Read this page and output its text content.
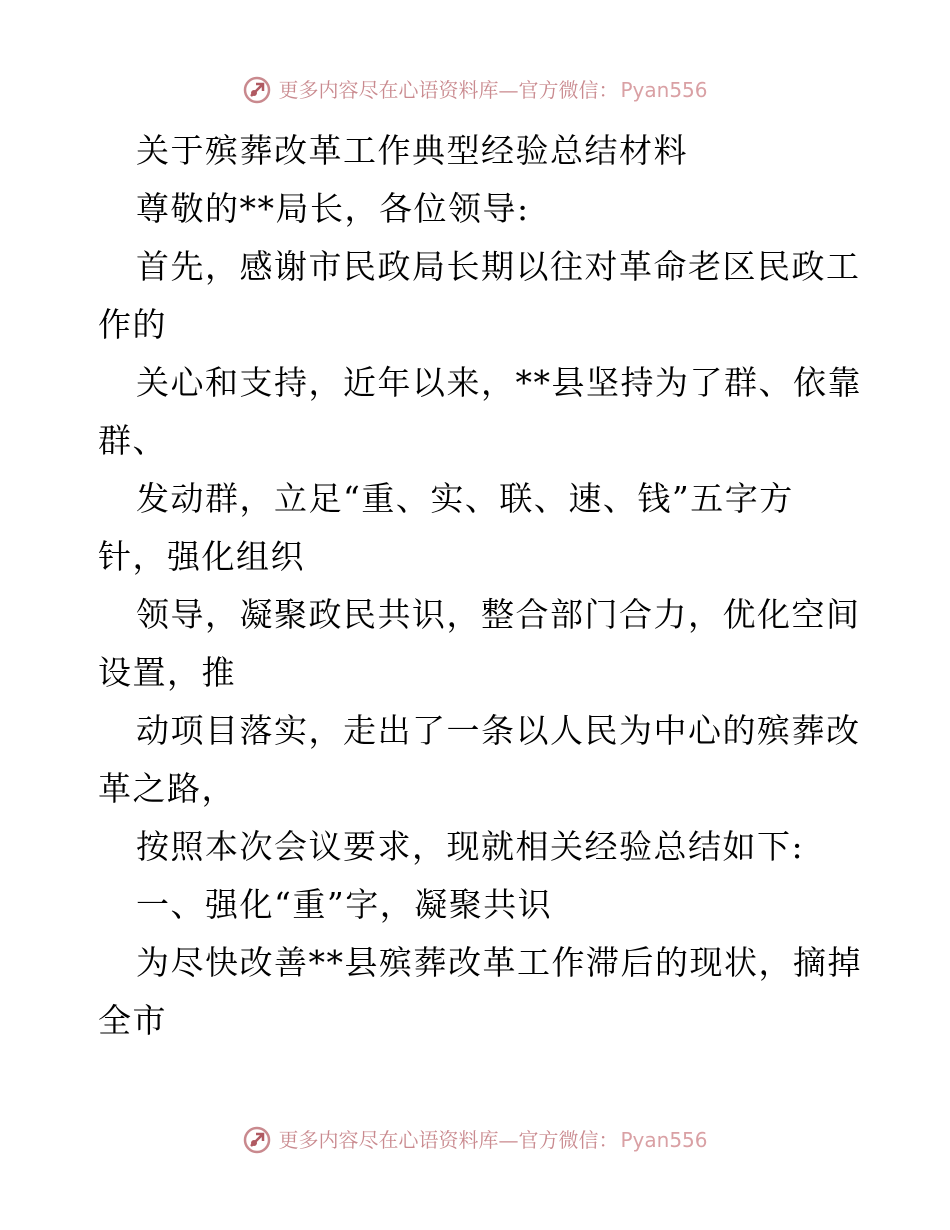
更多内容尽在心语资料库 —官方微信： Pyan556
关于殡葬改革工作典型经验总结材料
尊敬的**局长，各位领导:
首先，感谢市民政局长期以往对革命老区民政工
作的
关心和支持，近年以来，**县坚持为了群、依靠
群、
发动群，立足“重、实、联、速、钱”五字方
针，强化组织
领导，凝聚政民共识，整合部门合力，优化空间
设置，推
动项目落实，走出了一条以人民为中心的殡葬改
革之路，
按照本次会议要求，现就相关经验总结如下:
一、强化“重”字，凝聚共识
为尽快改善**县殡葬改革工作滞后的现状，摘掉
全市
更多内容尽在心语资料库 —官方微信： Pyan556
